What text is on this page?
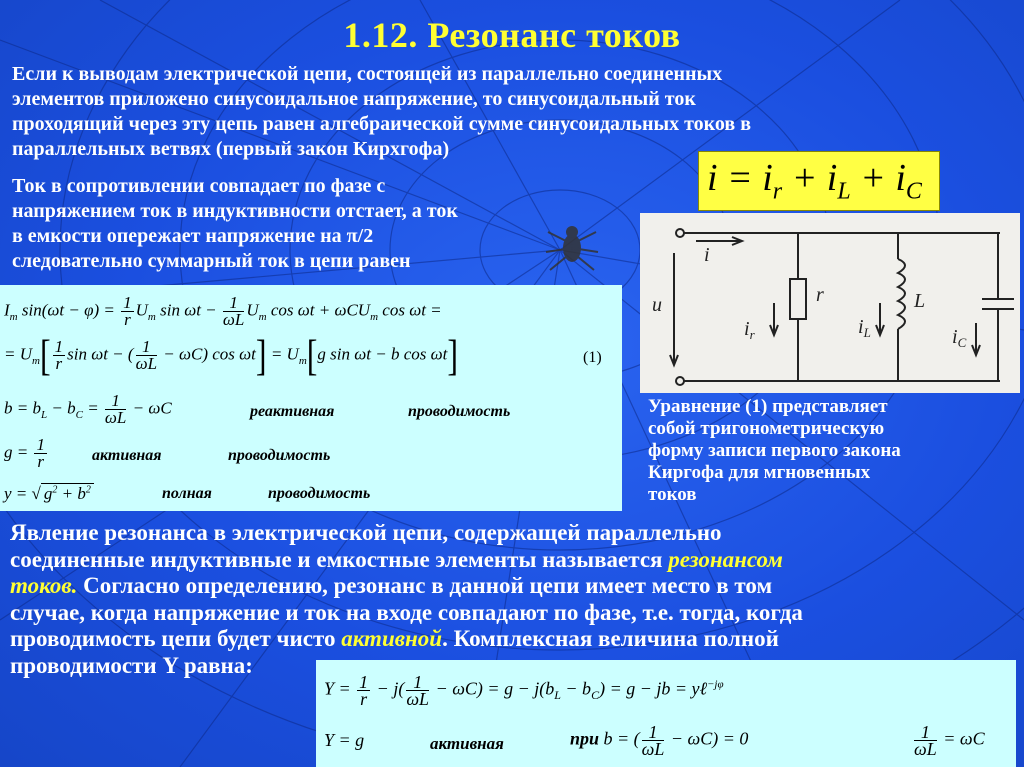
1.12. Резонанс токов
Если к выводам электрической цепи, состоящей из параллельно соединенных
элементов приложено синусоидальное напряжение, то синусоидальный ток
проходящий через эту цепь равен алгебраической сумме синусоидальных токов в
параллельных ветвях (первый закон Кирхгофа)
Ток в сопротивлении совпадает по фазе с
напряжением ток в индуктивности отстает, а ток
в емкости опережает напряжение на π/2
следовательно суммарный ток в цепи равен
$i = i_r + i_L + i_C$
i
u	r	L
$i_r$	$i_L$	$i_C$
$I_m$ $\sin(\omega t - \varphi) = \frac{1}{r} U_m$ $\sin \omega t - \frac{1}{\omega L} U_m$ cos ωt + ωCU$_m$ cos ωt =
= $U_m[ \frac{1}{r}$ sin ωt − ( $\frac{1}{\omega L} - \omega C$) $\cos \omega t] = U_m[g$ sin ωt − b cos ωt]	(1)
$b = b_L - b_C = \frac{1}{\omega L} - \omega C$	реактивная	проводимость
$g = \frac{1}{r}$	активная	проводимость
y = √ $g^2 + b^2$	полная	проводимость
Уравнение (1) представляет
собой тригонометрическую
форму записи первого закона
Киргофа для мгновенных
токов
Явление резонанса в электрической цепи, содержащей параллельно
соединенные индуктивные и емкостные элементы называется резонансом
токов. Согласно определению, резонанс в данной цепи имеет место в том
случае, когда напряжение и ток на входе совпадают по фазе, т.е. тогда, когда
проводимость цепи будет чисто активной. Комплексная величина полной
проводимости Y равна:
$Y = \frac{1}{r} - j( \frac{1}{\omega L} - \omega C) = g - j(b_L - b_C) = g$ − jb = yℓ$^{-j\varphi}$
Y = g	активная	при b = ( $\frac{1}{\omega L} - \omega C) = 0$	$\frac{1}{\omega L} = \omega C$
